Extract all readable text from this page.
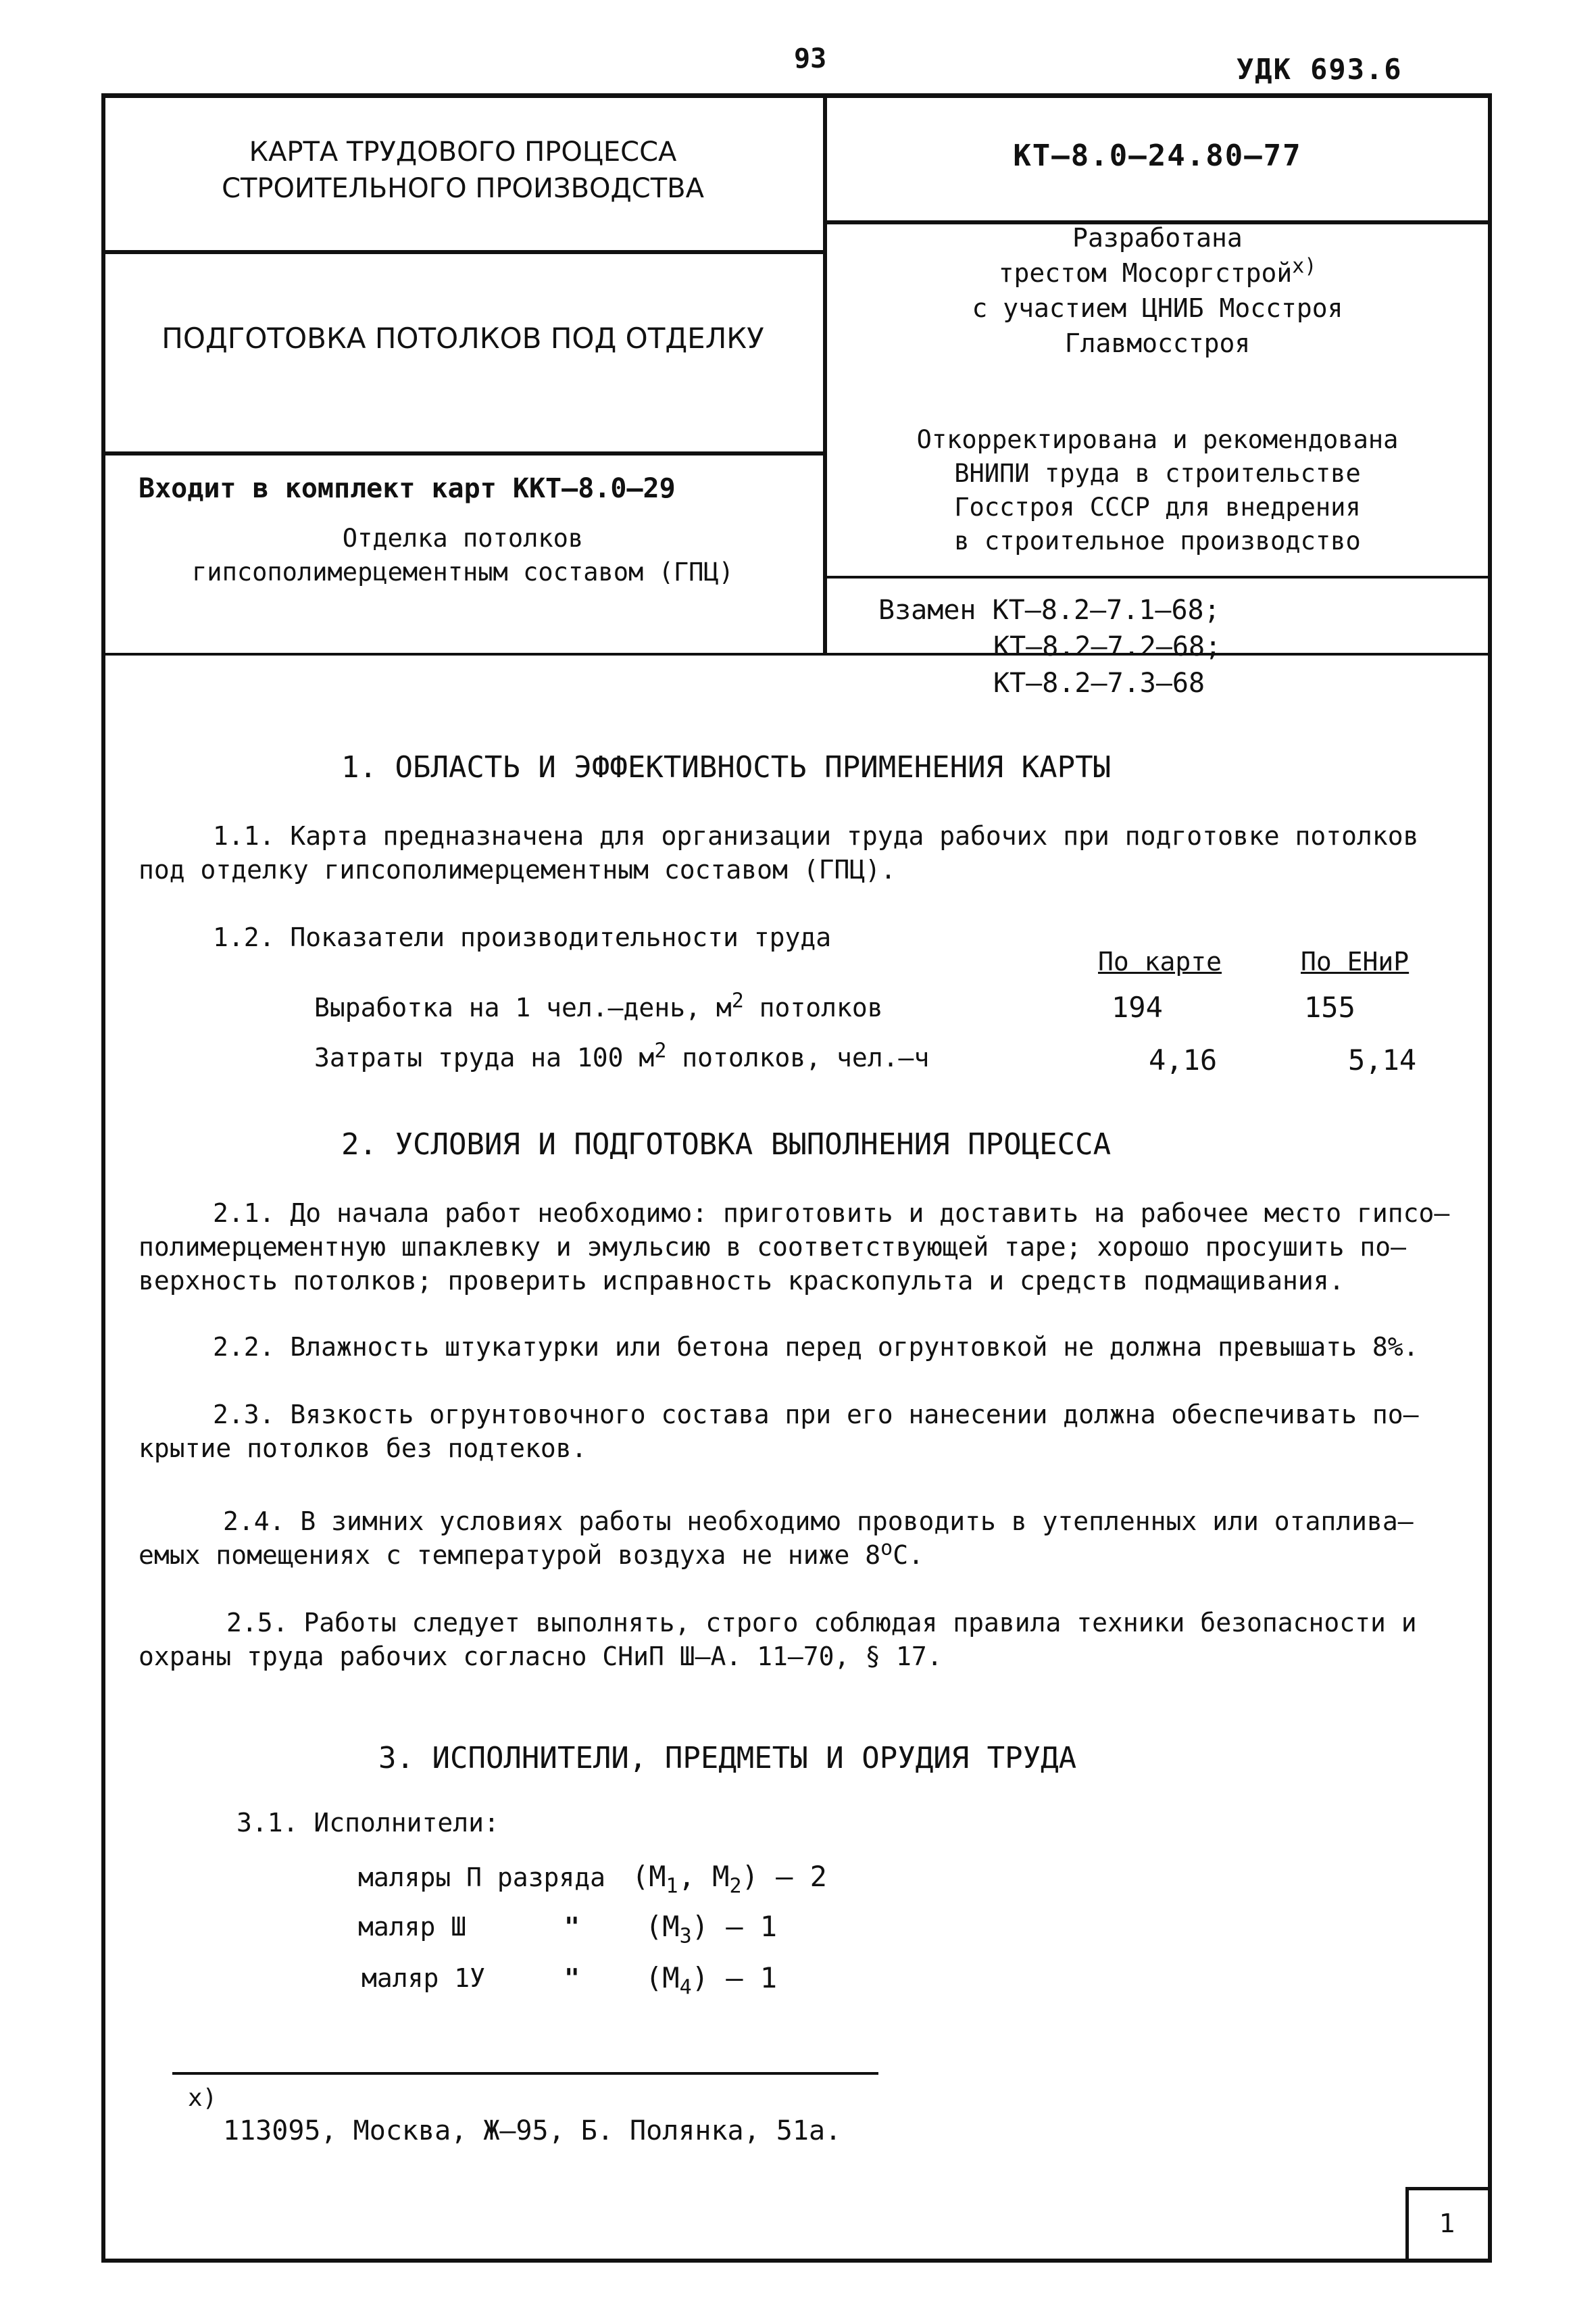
93	УДК 693.6
КАРТА ТРУДОВОГО ПРОЦЕССА
СТРОИТЕЛЬНОГО ПРОИЗВОДСТВА
КТ–8.0–24.80–77
ПОДГОТОВКА ПОТОЛКОВ ПОД ОТДЕЛКУ
Разработана
трестом Мосоргстрой$^{х)}$
с участием ЦНИБ Мосстроя
Главмосстроя
Откорректирована и рекомендована
ВНИПИ труда в строительстве
Госстроя СССР для внедрения
в строительное производство
Входит в комплект карт ККТ–8.0–29
Отделка потолков
гипсополимерцементным составом (ГПЦ)
Взамен КТ–8.2–7.1–68;
КТ–8.2–7.2–68;
КТ–8.2–7.3–68
1. ОБЛАСТЬ И ЭФФЕКТИВНОСТЬ ПРИМЕНЕНИЯ КАРТЫ
1.1. Карта предназначена для организации труда рабочих при подготовке потолков
под отделку гипсополимерцементным составом (ГПЦ).
1.2. Показатели производительности труда
По карте	По ЕНиР
Выработка на 1 чел.–день, $м^2$ потолков	194	155
Затраты труда на 100 $м^2$ потолков, чел.–ч	4,16	5,14
2. УСЛОВИЯ И ПОДГОТОВКА ВЫПОЛНЕНИЯ ПРОЦЕССА
2.1. До начала работ необходимо: приготовить и доставить на рабочее место гипсо–
полимерцементную шпаклевку и эмульсию в соответствующей таре; хорошо просушить по–
верхность потолков; проверить исправность краскопульта и средств подмащивания.
2.2. Влажность штукатурки или бетона перед огрунтовкой не должна превышать 8%.
2.3. Вязкость огрунтовочного состава при его нанесении должна обеспечивать по–
крытие потолков без подтеков.
2.4. В зимних условиях работы необходимо проводить в утепленных или отаплива–
емых помещениях с температурой воздуха не ниже $8^оС$.
2.5. Работы следует выполнять, строго соблюдая правила техники безопасности и
охраны труда рабочих согласно СНиП Ш–А. 11–70, § 17.
3. ИСПОЛНИТЕЛИ, ПРЕДМЕТЫ И ОРУДИЯ ТРУДА
3.1. Исполнители:
маляры П разряда ($М_1$, $М_2) - 2$
маляр Ш	" $(М_3) - 1$
маляр 1У	" $(М_4) - 1$
х)
113095, Москва, Ж–95, Б. Полянка, 51а.
1
